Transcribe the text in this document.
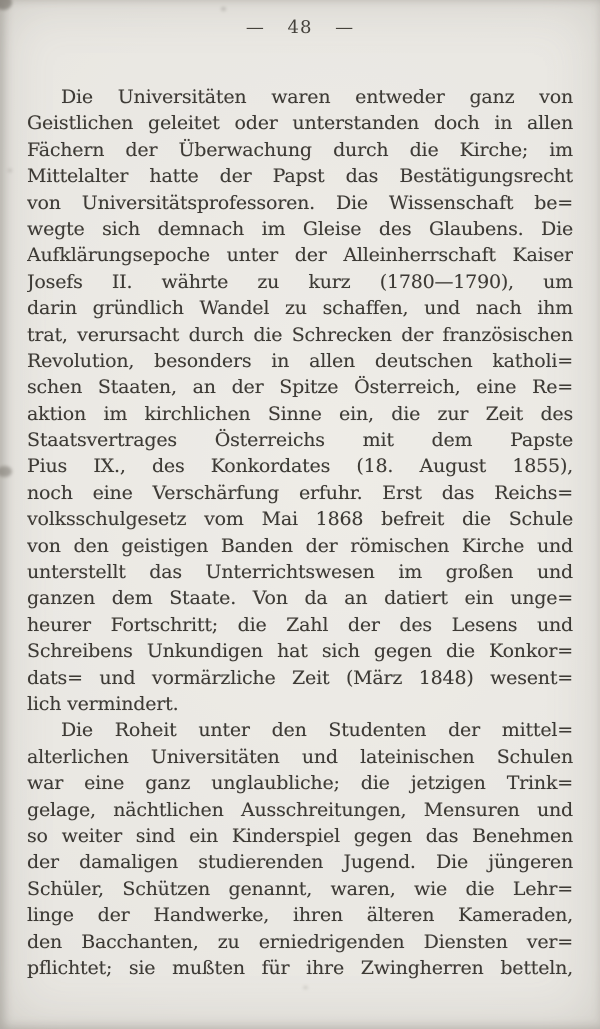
— 48 —
Die Universitäten waren entweder ganz von
Geistlichen geleitet oder unterstanden doch in allen
Fächern der Überwachung durch die Kirche; im
Mittelalter hatte der Papst das Bestätigungsrecht
von Universitätsprofessoren. Die Wissenschaft be=
wegte sich demnach im Gleise des Glaubens. Die
Aufklärungsepoche unter der Alleinherrschaft Kaiser
Josefs II. währte zu kurz (1780—1790), um
darin gründlich Wandel zu schaffen, und nach ihm
trat, verursacht durch die Schrecken der französischen
Revolution, besonders in allen deutschen katholi=
schen Staaten, an der Spitze Österreich, eine Re=
aktion im kirchlichen Sinne ein, die zur Zeit des
Staatsvertrages Österreichs mit dem Papste
Pius IX., des Konkordates (18. August 1855),
noch eine Verschärfung erfuhr. Erst das Reichs=
volksschulgesetz vom Mai 1868 befreit die Schule
von den geistigen Banden der römischen Kirche und
unterstellt das Unterrichtswesen im großen und
ganzen dem Staate. Von da an datiert ein unge=
heurer Fortschritt; die Zahl der des Lesens und
Schreibens Unkundigen hat sich gegen die Konkor=
dats= und vormärzliche Zeit (März 1848) wesent=
lich vermindert.
Die Roheit unter den Studenten der mittel=
alterlichen Universitäten und lateinischen Schulen
war eine ganz unglaubliche; die jetzigen Trink=
gelage, nächtlichen Ausschreitungen, Mensuren und
so weiter sind ein Kinderspiel gegen das Benehmen
der damaligen studierenden Jugend. Die jüngeren
Schüler, Schützen genannt, waren, wie die Lehr=
linge der Handwerke, ihren älteren Kameraden,
den Bacchanten, zu erniedrigenden Diensten ver=
pflichtet; sie mußten für ihre Zwingherren betteln,
